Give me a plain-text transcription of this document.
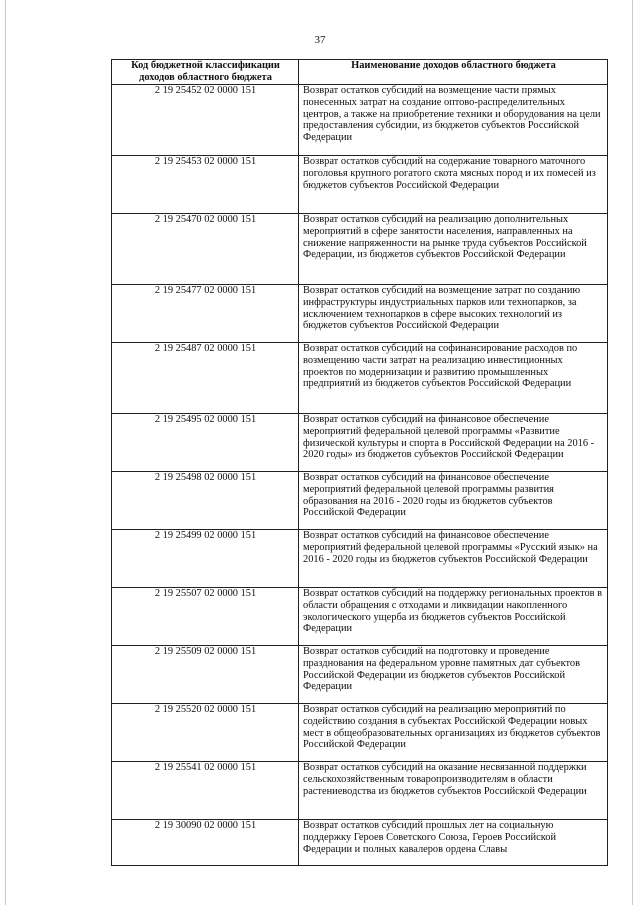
37
Код бюджетной классификации доходов областного бюджета	Наименование доходов областного бюджета
2 19 25452 02 0000 151	Возврат остатков субсидий на возмещение части прямых понесенных затрат на создание оптово-распределительных центров, а также на приобретение техники и оборудования на цели предоставления субсидии, из бюджетов субъектов Российской Федерации
2 19 25453 02 0000 151	Возврат остатков субсидий на содержание товарного маточного поголовья крупного рогатого скота мясных пород и их помесей из бюджетов субъектов Российской Федерации
2 19 25470 02 0000 151	Возврат остатков субсидий на реализацию дополнительных мероприятий в сфере занятости населения, направленных на снижение напряженности на рынке труда субъектов Российской Федерации, из бюджетов субъектов Российской Федерации
2 19 25477 02 0000 151	Возврат остатков субсидий на возмещение затрат по созданию инфраструктуры индустриальных парков или технопарков, за исключением технопарков в сфере высоких технологий из бюджетов субъектов Российской Федерации
2 19 25487 02 0000 151	Возврат остатков субсидий на софинансирование расходов по возмещению части затрат на реализацию инвестиционных проектов по модернизации и развитию промышленных предприятий из бюджетов субъектов Российской Федерации
2 19 25495 02 0000 151	Возврат остатков субсидий на финансовое обеспечение мероприятий федеральной целевой программы «Развитие физической культуры и спорта в Российской Федерации на 2016 - 2020 годы» из бюджетов субъектов Российской Федерации
2 19 25498 02 0000 151	Возврат остатков субсидий на финансовое обеспечение мероприятий федеральной целевой программы развития образования на 2016 - 2020 годы из бюджетов субъектов Российской Федерации
2 19 25499 02 0000 151	Возврат остатков субсидий на финансовое обеспечение мероприятий федеральной целевой программы «Русский язык» на 2016 - 2020 годы из бюджетов субъектов Российской Федерации
2 19 25507 02 0000 151	Возврат остатков субсидий на поддержку региональных проектов в области обращения с отходами и ликвидации накопленного экологического ущерба из бюджетов субъектов Российской Федерации
2 19 25509 02 0000 151	Возврат остатков субсидий на подготовку и проведение празднования на федеральном уровне памятных дат субъектов Российской Федерации из бюджетов субъектов Российской Федерации
2 19 25520 02 0000 151	Возврат остатков субсидий на реализацию мероприятий по содействию создания в субъектах Российской Федерации новых мест в общеобразовательных организациях из бюджетов субъектов Российской Федерации
2 19 25541 02 0000 151	Возврат остатков субсидий на оказание несвязанной поддержки сельскохозяйственным товаропроизводителям в области растениеводства из бюджетов субъектов Российской Федерации
2 19 30090 02 0000 151	Возврат остатков субсидий прошлых лет на социальную поддержку Героев Советского Союза, Героев Российской Федерации и полных кавалеров ордена Славы
